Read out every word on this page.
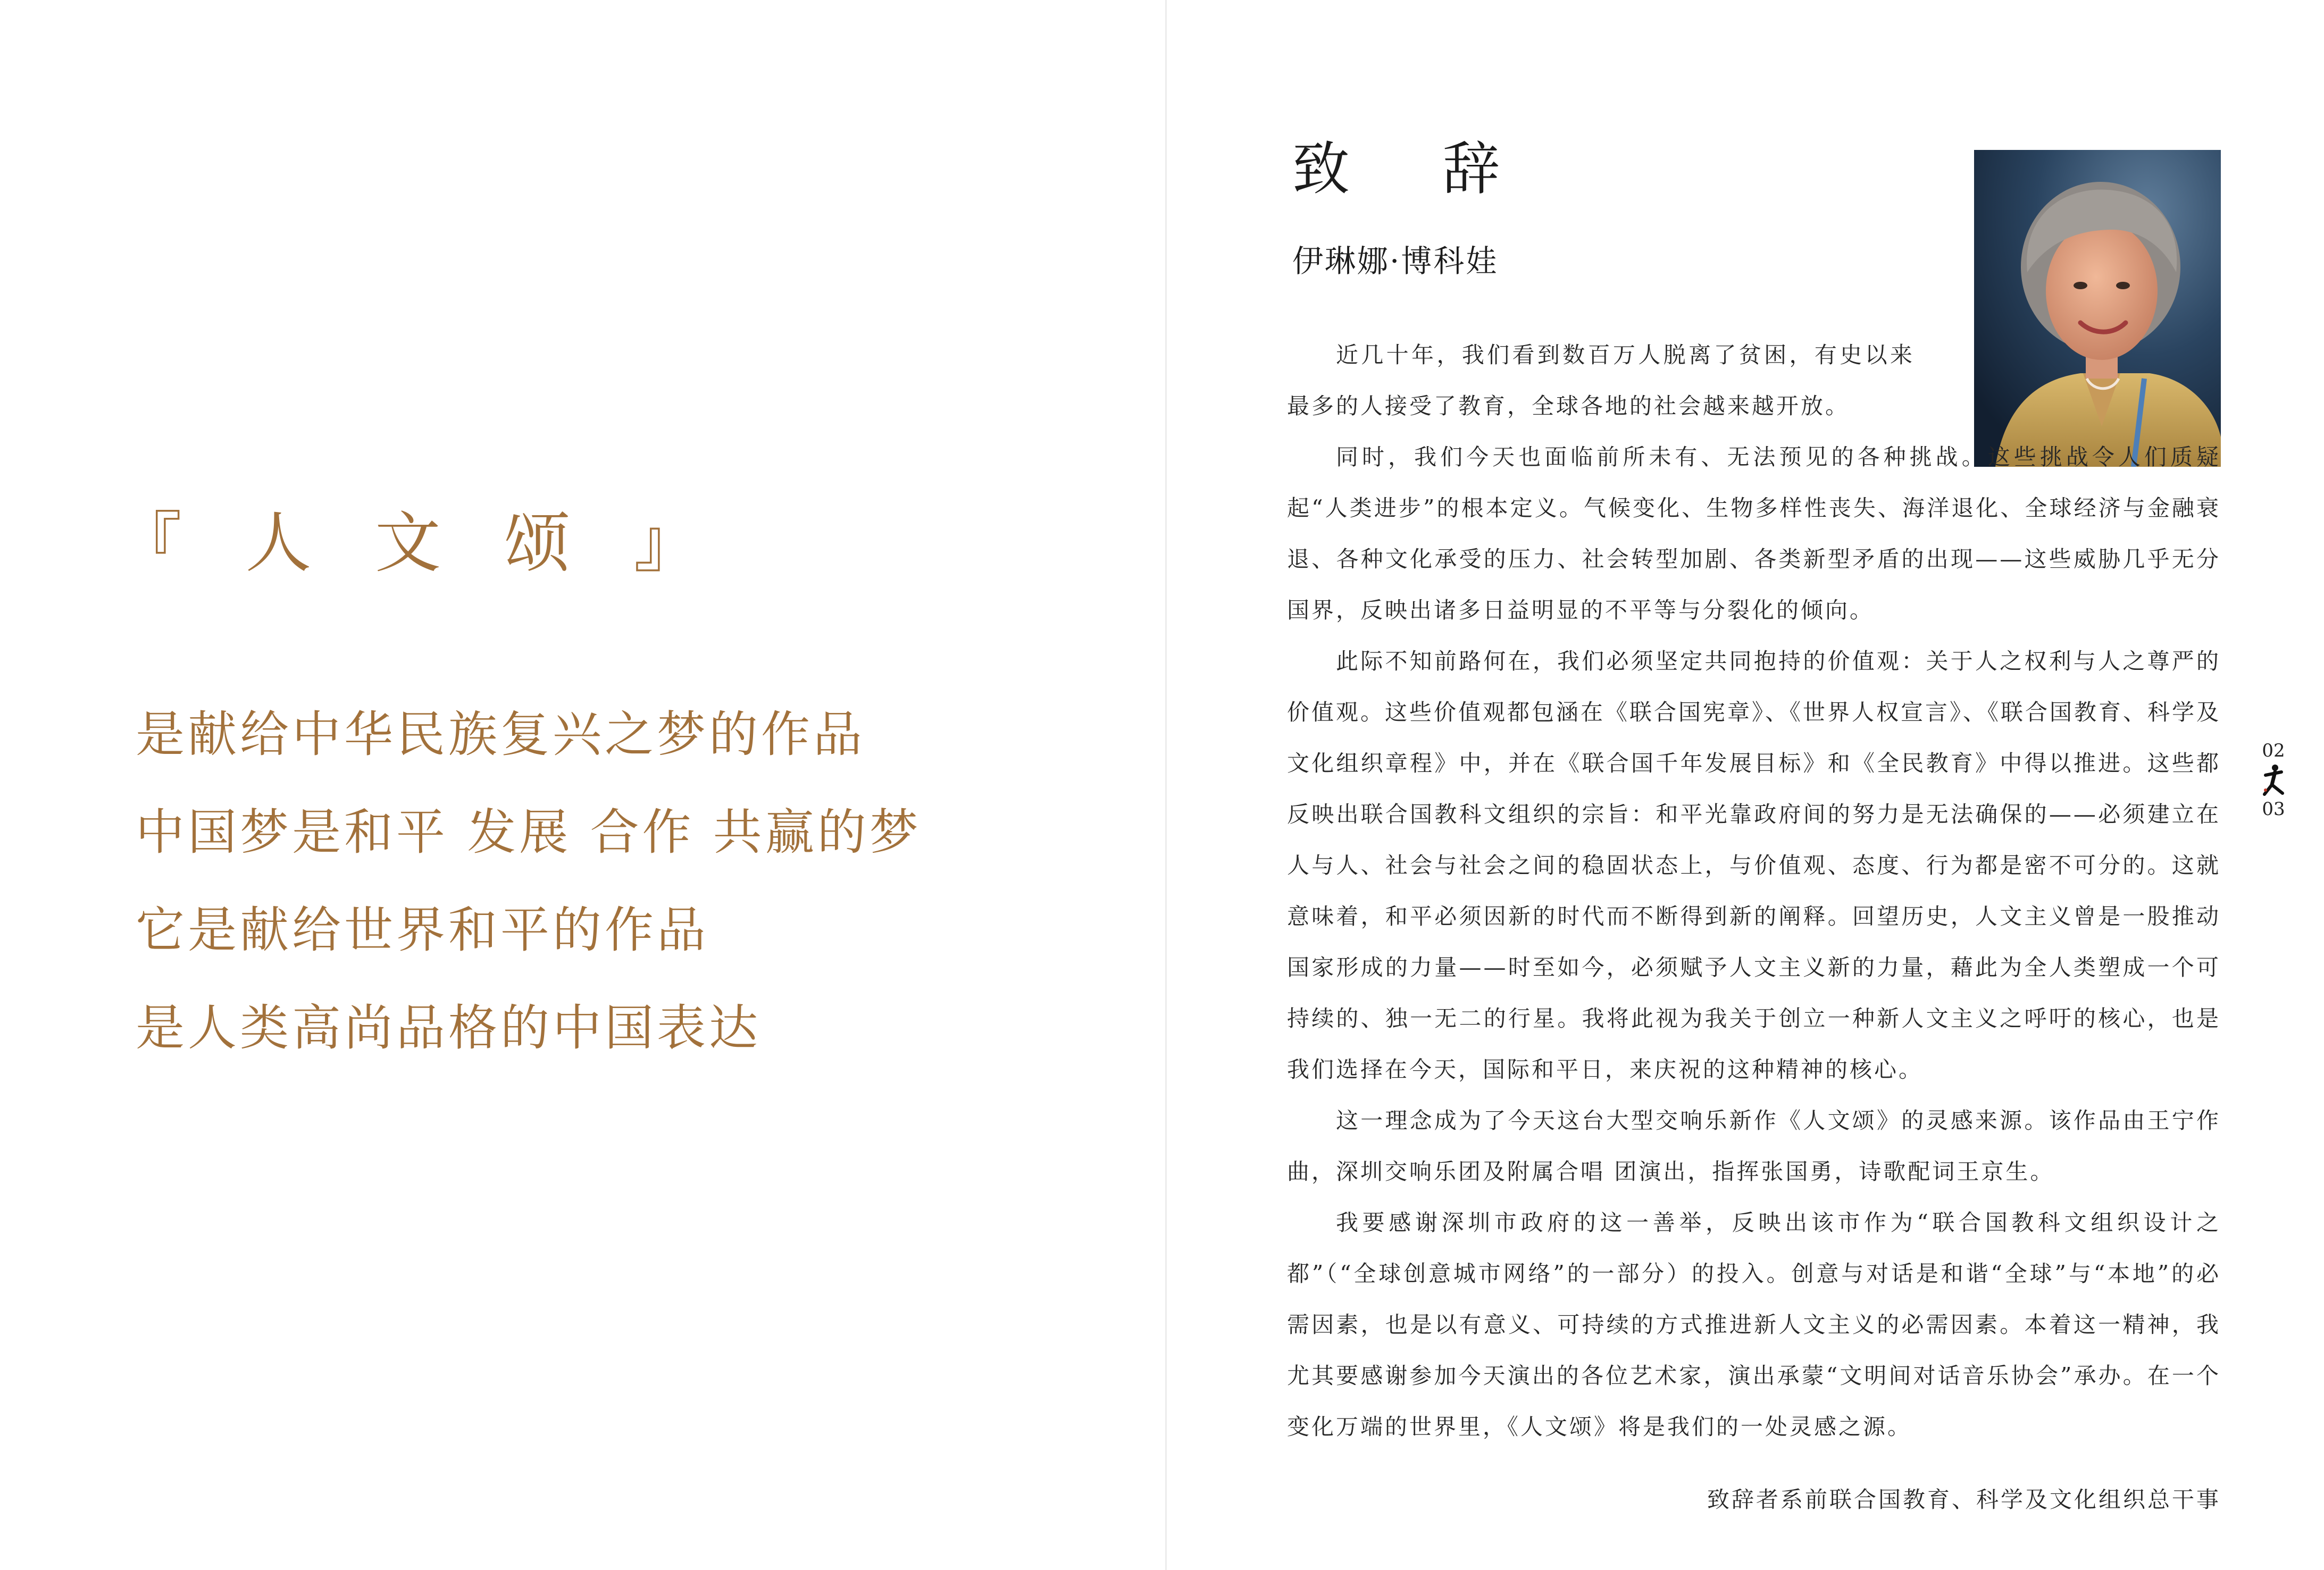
『 人 文 颂 』
是献给中华民族复兴之梦的作品
中国梦是和平 发展 合作 共赢的梦
它是献给世界和平的作品
是人类高尚品格的中国表达
致 辞
伊琳娜·博科娃

近几十年，我们看到数百万人脱离了贫困，有史以来最多的人接受了教育，全球各地的社会越来越开放。

同时，我们今天也面临前所未有、无法预见的各种挑战。这些挑战令人们质疑起“人类进步”的根本定义。气候变化、生物多样性丧失、海洋退化、全球经济与金融衰退、各种文化承受的压力、社会转型加剧、各类新型矛盾的出现——这些威胁几乎无分国界，反映出诸多日益明显的不平等与分裂化的倾向。

此际不知前路何在，我们必须坚定共同抱持的价值观：关于人之权利与人之尊严的价值观。这些价值观都包涵在《联合国宪章》、《世界人权宣言》、《联合国教育、科学及文化组织章程》中，并在《联合国千年发展目标》和《全民教育》中得以推进。这些都反映出联合国教科文组织的宗旨：和平光靠政府间的努力是无法确保的——必须建立在人与人、社会与社会之间的稳固状态上，与价值观、态度、行为都是密不可分的。这就意味着，和平必须因新的时代而不断得到新的阐释。回望历史，人文主义曾是一股推动国家形成的力量——时至如今，必须赋予人文主义新的力量，藉此为全人类塑成一个可持续的、独一无二的行星。我将此视为我关于创立一种新人文主义之呼吁的核心，也是我们选择在今天，国际和平日，来庆祝的这种精神的核心。

这一理念成为了今天这台大型交响乐新作《人文颂》的灵感来源。该作品由王宁作曲，深圳交响乐团及附属合唱 团演出，指挥张国勇，诗歌配词王京生。

我要感谢深圳市政府的这一善举，反映出该市作为“联合国教科文组织设计之都”（“全球创意城市网络”的一部分）的投入。创意与对话是和谐“全球”与“本地”的必需因素，也是以有意义、可持续的方式推进新人文主义的必需因素。本着这一精神，我尤其要感谢参加今天演出的各位艺术家，演出承蒙“文明间对话音乐协会”承办。在一个变化万端的世界里，《人文颂》将是我们的一处灵感之源。

致辞者系前联合国教育、科学及文化组织总干事
02
03
